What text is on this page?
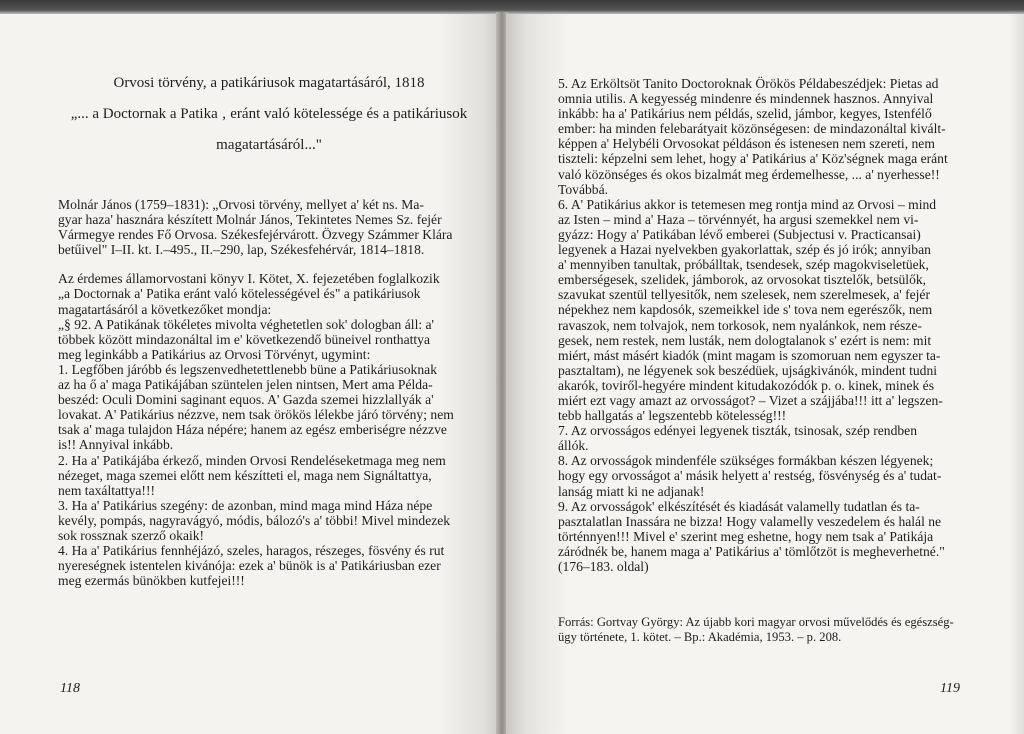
Orvosi törvény, a patikáriusok magatartásáról, 1818
„... a Doctornak a Patika ‚ eránt való kötelessége és a patikáriusok
magatartásáról..."

Molnár János (1759–1831): „Orvosi törvény, mellyet a' két ns. Ma-

gyar haza' hasznára készített Molnár János, Tekintetes Nemes Sz. fejér

Vármegye rendes Fő Orvosa. Székesfejérvárott. Özvegy Számmer Klára

betűivel" I–II. kt. I.–495., II.–290, lap, Székesfehérvár, 1814–1818.

Az érdemes államorvostani könyv I. Kötet, X. fejezetében foglalkozik

„a Doctornak a' Patika eránt való kötelességével és" a patikáriusok

magatartásáról a következőket mondja:

„§ 92. A Patikának tökéletes mivolta véghetetlen sok' dologban áll: a'

többek között mindazonáltal im e' következendő büneivel ronthattya

meg leginkább a Patikárius az Orvosi Törvényt, ugymint:

1. Legfőben járóbb és legszenvedhetettlenebb büne a Patikáriusoknak

az ha ő a' maga Patikájában szüntelen jelen nintsen, Mert ama Példa-

beszéd: Oculi Domini saginant equos. A' Gazda szemei hizzlallyák a'

lovakat. A' Patikárius nézzve, nem tsak örökös lélekbe járó törvény; nem

tsak a' maga tulajdon Háza népére; hanem az egész emberiségre nézzve

is!! Annyival inkább.

2. Ha a' Patikájába érkező, minden Orvosi Rendeléseketmaga meg nem

nézeget, maga szemei előtt nem készítteti el, maga nem Signáltattya,

nem taxáltattya!!!

3. Ha a' Patikárius szegény: de azonban, mind maga mind Háza népe

kevély, pompás, nagyravágyó, módis, bálozó's a' többi! Mivel mindezek

sok rossznak szerző okaik!

4. Ha a' Patikárius fennhéjázó, szeles, haragos, részeges, fösvény és rut

nyereségnek istentelen kivánója: ezek a' bünök is a' Patikáriusban ezer

meg ezermás bünökben kutfejei!!!

118

5. Az Erköltsöt Tanito Doctoroknak Örökös Példabeszédjek: Pietas ad

omnia utilis. A kegyesség mindenre és mindennek hasznos. Annyival

inkább: ha a' Patikárius nem példás, szelid, jámbor, kegyes, Istenfélő

ember: ha minden felebarátyait közönségesen: de mindazonáltal kivált-

képpen a' Helybéli Orvosokat példáson és istenesen nem szereti, nem

tiszteli: képzelni sem lehet, hogy a' Patikárius a' Köz'ségnek maga eránt

való közönséges és okos bizalmát meg érdemelhesse, ... a' nyerhesse!!

Továbbá.

6. A' Patikárius akkor is tetemesen meg rontja mind az Orvosi – mind

az Isten – mind a' Haza – törvénnyét, ha argusi szemekkel nem vi-

gyázz: Hogy a' Patikában lévő emberei (Subjectusi v. Practicansai)

legyenek a Hazai nyelvekben gyakorlattak, szép és jó irók; annyiban

a' mennyiben tanultak, próbálltak, tsendesek, szép magokviseletüek,

emberségesek, szelidek, jámborok, az orvosokat tisztelők, betsülők,

szavukat szentül tellyesitők, nem szelesek, nem szerelmesek, a' fejér

népekhez nem kapdosók, szemeikkel ide s' tova nem egerészők, nem

ravaszok, nem tolvajok, nem torkosok, nem nyalánkok, nem része-

gesek, nem restek, nem lusták, nem dologtalanok s' ezért is nem: mit

miért, mást másért kiadók (mint magam is szomoruan nem egyszer ta-

pasztaltam), ne légyenek sok beszédüek, ujságkivánók, mindent tudni

akarók, toviről-hegyére mindent kitudakozódók p. o. kinek, minek és

miért ezt vagy amazt az orvosságot? – Vizet a szájjába!!! itt a' legszen-

tebb hallgatás a' legszentebb kötelesség!!!

7. Az orvosságos edényei legyenek tiszták, tsinosak, szép rendben

állók.

8. Az orvosságok mindenféle szükséges formákban készen légyenek;

hogy egy orvosságot a' másik helyett a' restség, fösvénység és a' tudat-

lanság miatt ki ne adjanak!

9. Az orvosságok' elkészítését és kiadását valamelly tudatlan és ta-

pasztalatlan Inassára ne bizza! Hogy valamelly veszedelem és halál ne

történnyen!!! Mivel e' szerint meg eshetne, hogy nem tsak a' Patikája

záródnék be, hanem maga a' Patikárius a' tömlőtzöt is megheverhetné."

(176–183. oldal)

Forrás: Gortvay György: Az újabb kori magyar orvosi művelődés és egészség-

ügy története, 1. kötet. – Bp.: Akadémia, 1953. – p. 208.

119
